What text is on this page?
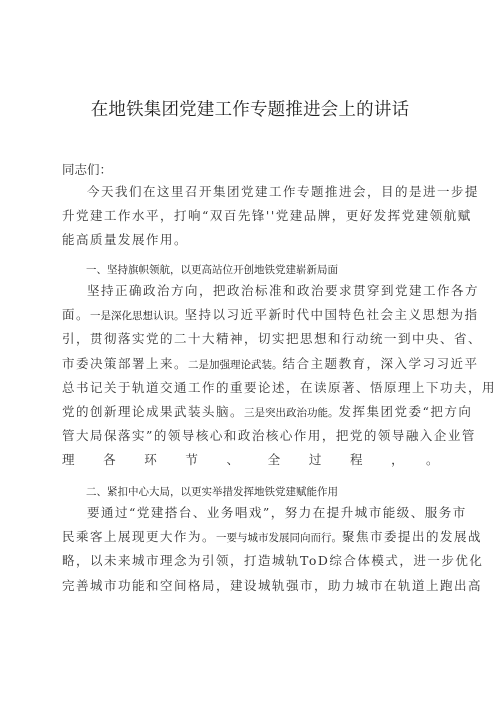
在地铁集团党建工作专题推进会上的讲话
同志们：
今天我们在这里召开集团党建工作专题推进会，目的是进一步提
升党建工作水平，打响“双百先锋''党建品牌，更好发挥党建领航赋
能高质量发展作用。
一、坚持旗帜领航，以更高站位开创地铁党建崭新局面
坚持正确政治方向，把政治标准和政治要求贯穿到党建工作各方
面。一是深化思想认识。坚持以习近平新时代中国特色社会主义思想为指
引，贯彻落实党的二十大精神，切实把思想和行动统一到中央、省、
市委决策部署上来。二是加强理论武装。结合主题教育，深入学习习近平
总书记关于轨道交通工作的重要论述，在读原著、悟原理上下功夫，用
党的创新理论成果武装头脑。三是突出政治功能。发挥集团党委“把方向
管大局保落实”的领导核心和政治核心作用，把党的领导融入企业管
理各环节、全过程，。
二、紧扣中心大局，以更实举措发挥地铁党建赋能作用
要通过“党建搭台、业务唱戏”，努力在提升城市能级、服务市
民乘客上展现更大作为。一要与城市发展同向而行。聚焦市委提出的发展战
略，以未来城市理念为引领，打造城轨ToD综合体模式，进一步优化
完善城市功能和空间格局，建设城轨强市，助力城市在轨道上跑出高
